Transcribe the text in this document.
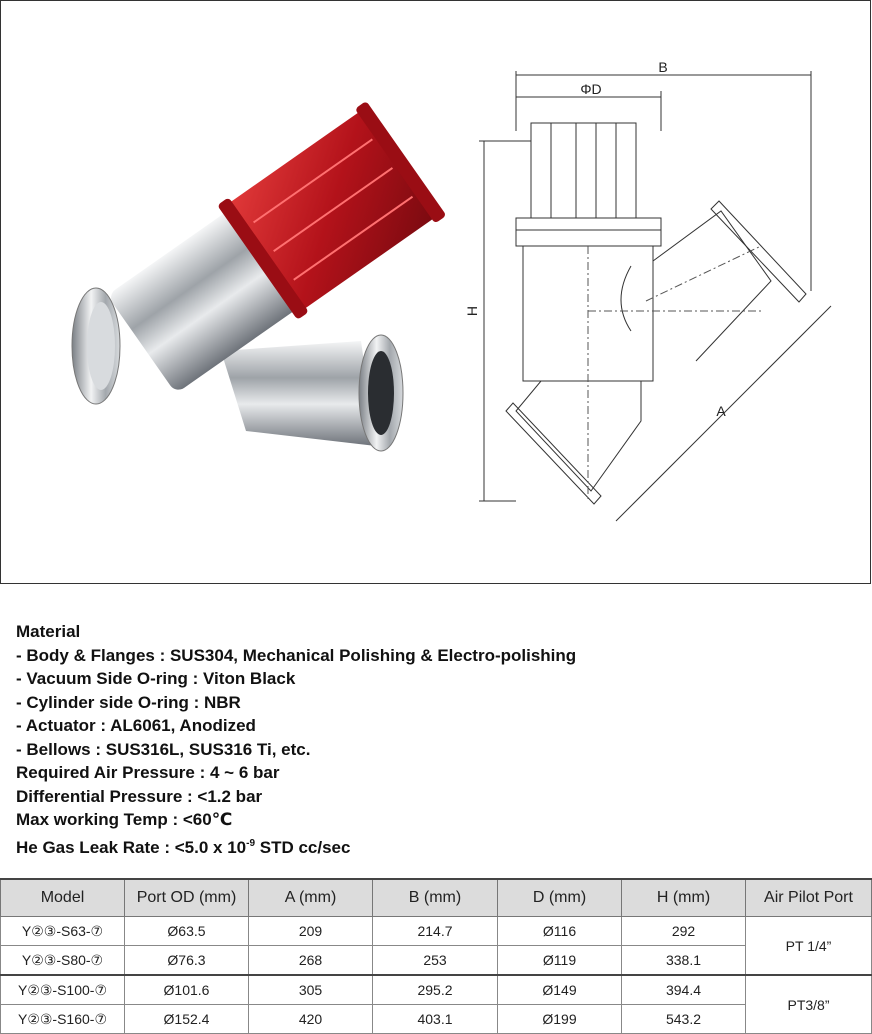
B
ΦD
H
A
Material
- Body & Flanges : SUS304, Mechanical Polishing & Electro-polishing
- Vacuum Side O-ring : Viton Black
- Cylinder side O-ring : NBR
- Actuator : AL6061, Anodized
- Bellows : SUS316L, SUS316 Ti, etc.
Required Air Pressure : 4 ~ 6 bar
Differential Pressure : <1.2 bar
Max working Temp : <60℃
He Gas Leak Rate : <5.0 x $10^{-9}$ STD cc/sec
Model	Port OD (mm)	A (mm)	B (mm)	D (mm)	H (mm)	Air Pilot Port
Y②③-S63-⑦	Ø63.5	209	214.7	Ø116	292	PT 1/4”
Y②③-S80-⑦	Ø76.3	268	253	Ø119	338.1	
Y②③-S100-⑦	Ø101.6	305	295.2	Ø149	394.4	PT3/8”
Y②③-S160-⑦	Ø152.4	420	403.1	Ø199	543.2	
